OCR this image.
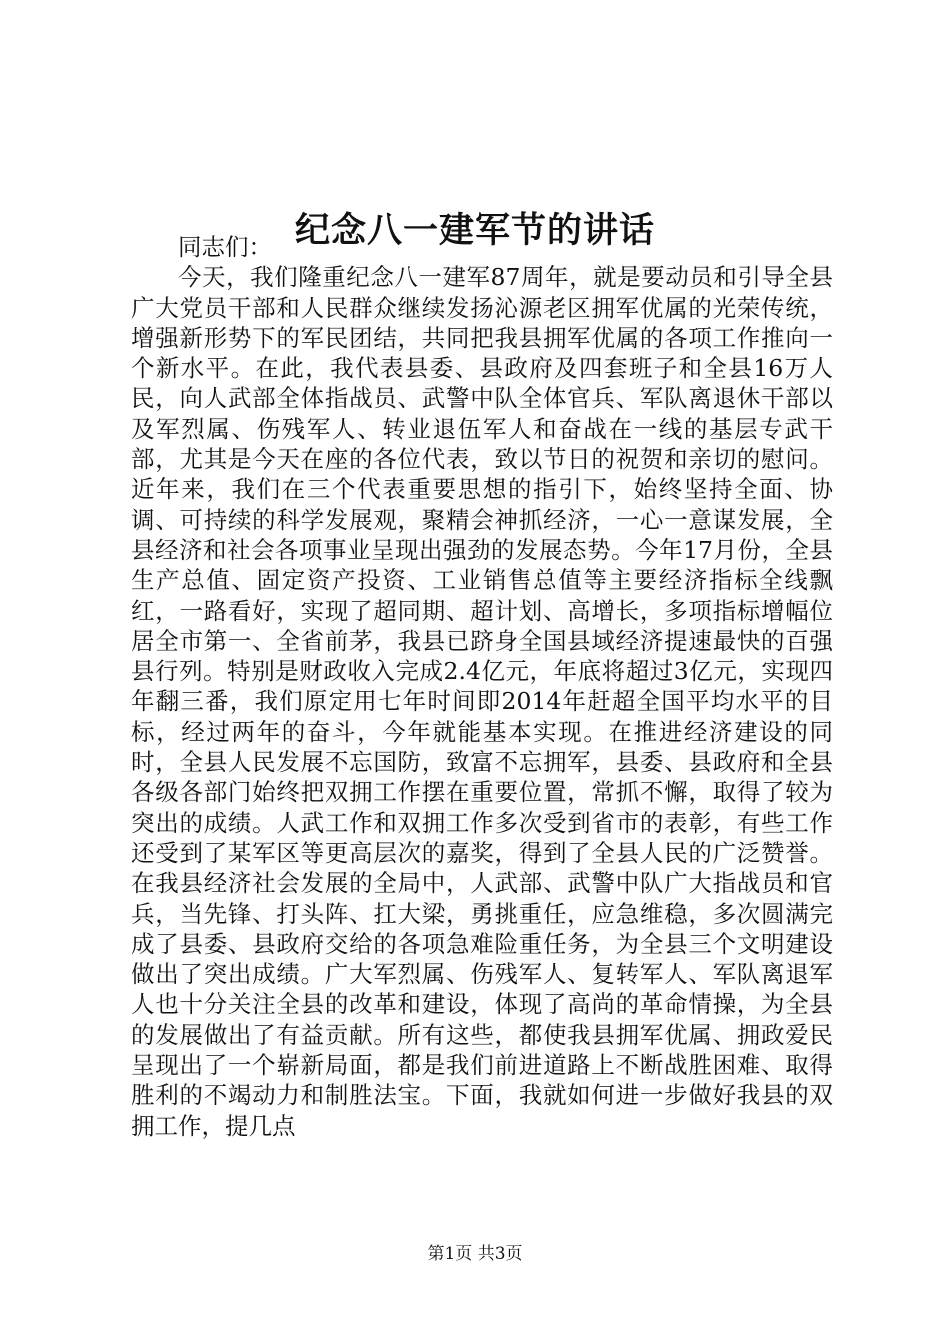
纪念八一建军节的讲话

同志们：

今天，我们隆重纪念八一建军87周年，就是要动员和引导全县广大党员干部和人民群众继续发扬沁源老区拥军优属的光荣传统，增强新形势下的军民团结，共同把我县拥军优属的各项工作推向一个新水平。在此，我代表县委、县政府及四套班子和全县16万人民，向人武部全体指战员、武警中队全体官兵、军队离退休干部以及军烈属、伤残军人、转业退伍军人和奋战在一线的基层专武干部，尤其是今天在座的各位代表，致以节日的祝贺和亲切的慰问。近年来，我们在三个代表重要思想的指引下，始终坚持全面、协调、可持续的科学发展观，聚精会神抓经济，一心一意谋发展，全县经济和社会各项事业呈现出强劲的发展态势。今年17月份，全县生产总值、固定资产投资、工业销售总值等主要经济指标全线飘红，一路看好，实现了超同期、超计划、高增长，多项指标增幅位居全市第一、全省前茅，我县已跻身全国县域经济提速最快的百强县行列。特别是财政收入完成2.4亿元，年底将超过3亿元，实现四年翻三番，我们原定用七年时间即2014年赶超全国平均水平的目标，经过两年的奋斗，今年就能基本实现。在推进经济建设的同时，全县人民发展不忘国防，致富不忘拥军，县委、县政府和全县各级各部门始终把双拥工作摆在重要位置，常抓不懈，取得了较为突出的成绩。人武工作和双拥工作多次受到省市的表彰，有些工作还受到了某军区等更高层次的嘉奖，得到了全县人民的广泛赞誉。在我县经济社会发展的全局中，人武部、武警中队广大指战员和官兵，当先锋、打头阵、扛大梁，勇挑重任，应急维稳，多次圆满完成了县委、县政府交给的各项急难险重任务，为全县三个文明建设做出了突出成绩。广大军烈属、伤残军人、复转军人、军队离退军人也十分关注全县的改革和建设，体现了高尚的革命情操，为全县的发展做出了有益贡献。所有这些，都使我县拥军优属、拥政爱民呈现出了一个崭新局面，都是我们前进道路上不断战胜困难、取得胜利的不竭动力和制胜法宝。下面，我就如何进一步做好我县的双拥工作，提几点

第1页 共3页
